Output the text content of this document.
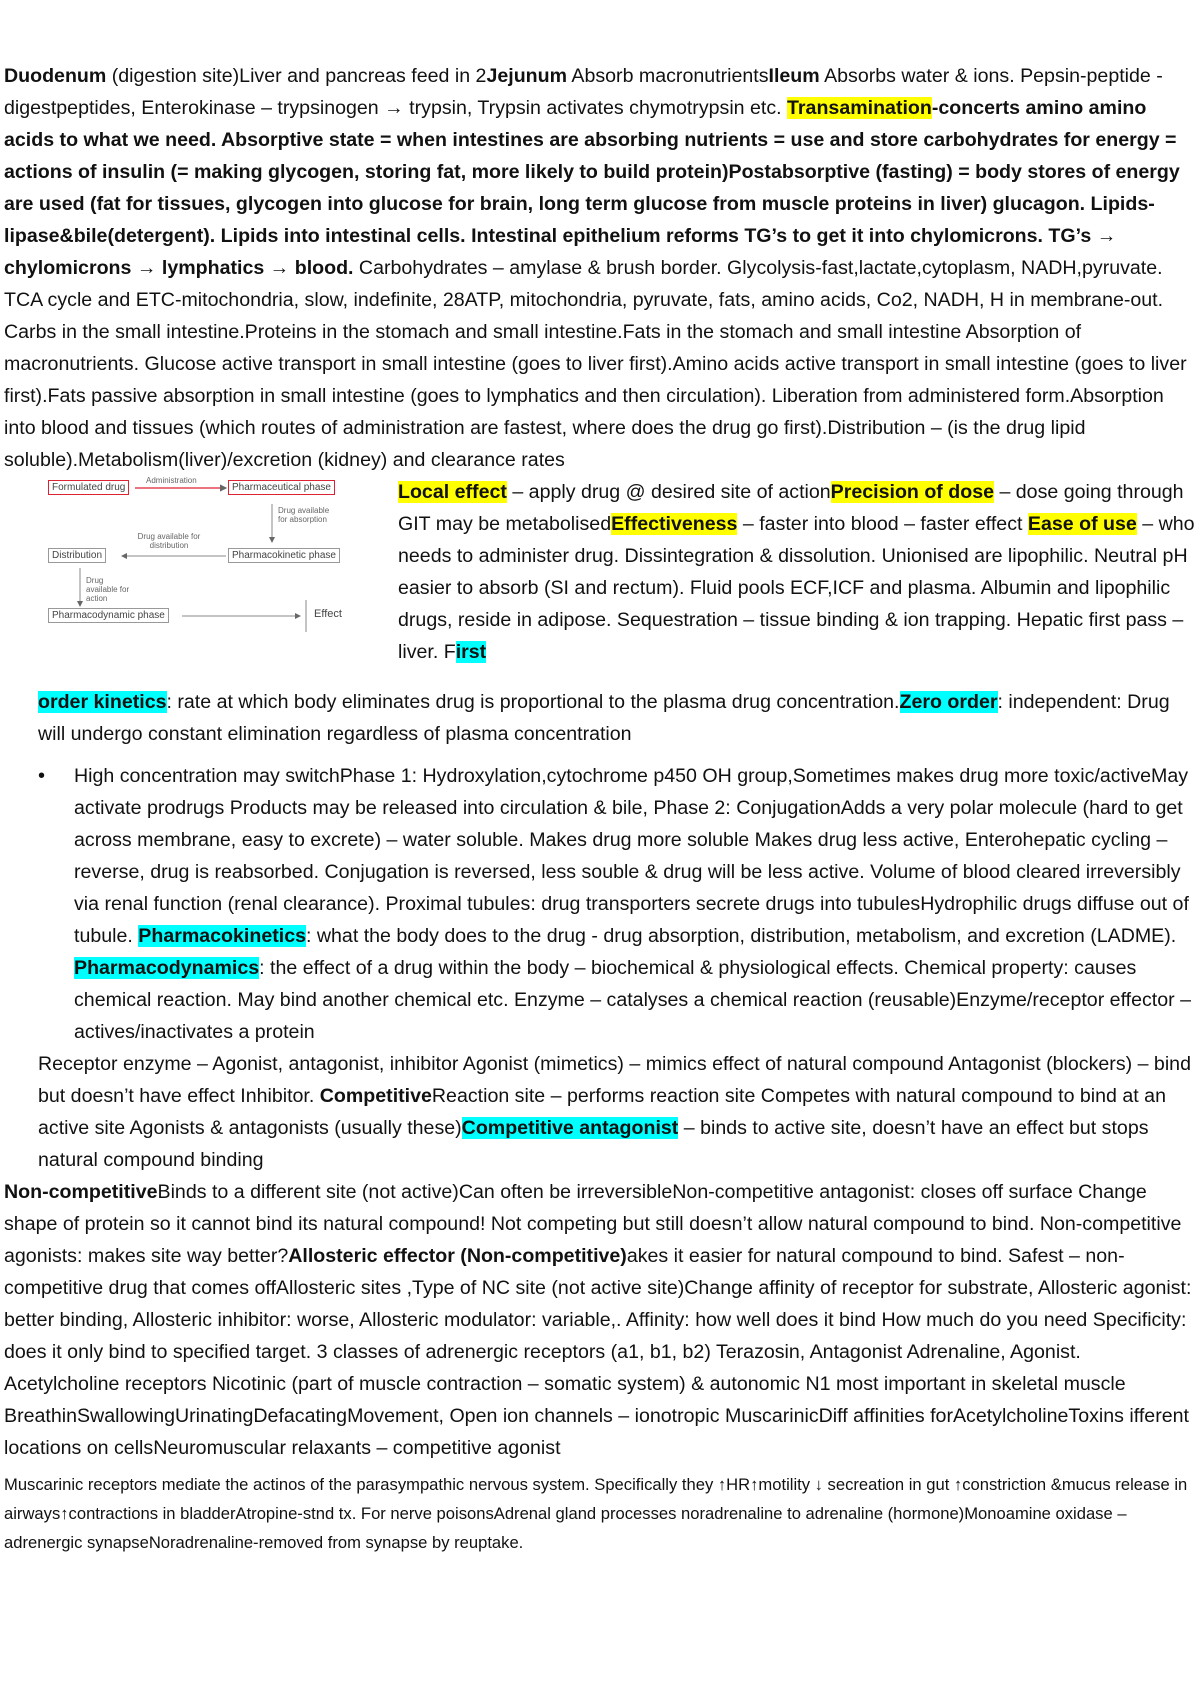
Duodenum (digestion site)Liver and pancreas feed in 2Jejunum Absorb macronutrientsIleum Absorbs water & ions. Pepsin-peptide -digestpeptides, Enterokinase – trypsinogen → trypsin, Trypsin activates chymotrypsin etc. Transamination-concerts amino amino acids to what we need. Absorptive state = when intestines are absorbing nutrients = use and store carbohydrates for energy = actions of insulin (= making glycogen, storing fat, more likely to build protein)Postabsorptive (fasting) = body stores of energy are used (fat for tissues, glycogen into glucose for brain, long term glucose from muscle proteins in liver) glucagon. Lipids-lipase&bile(detergent). Lipids into intestinal cells. Intestinal epithelium reforms TG’s to get it into chylomicrons. TG’s → chylomicrons → lymphatics → blood. Carbohydrates – amylase & brush border. Glycolysis-fast,lactate,cytoplasm, NADH,pyruvate. TCA cycle and ETC-mitochondria, slow, indefinite, 28ATP, mitochondria, pyruvate, fats, amino acids, Co2, NADH, H in membrane-out. Carbs in the small intestine.Proteins in the stomach and small intestine.Fats in the stomach and small intestine Absorption of macronutrients. Glucose active transport in small intestine (goes to liver first).Amino acids active transport in small intestine (goes to liver first).Fats passive absorption in small intestine (goes to lymphatics and then circulation). Liberation from administered form.Absorption into blood and tissues (which routes of administration are fastest, where does the drug go first).Distribution – (is the drug lipid soluble).Metabolism(liver)/excretion (kidney) and clearance rates

Formulated drug
Administration
Pharmaceutical phase
Drug available for absorption
Drug available for distribution
Distribution	Pharmacokinetic phase
Drug available for action
Pharmacodynamic phase	Effect

Local effect – apply drug @ desired site of actionPrecision of dose – dose going through GIT may be metabolisedEffectiveness – faster into blood – faster effect Ease of use – who needs to administer drug. Dissintegration & dissolution. Unionised are lipophilic. Neutral pH easier to absorb (SI and rectum). Fluid pools ECF,ICF and plasma. Albumin and lipophilic drugs, reside in adipose. Sequestration – tissue binding & ion trapping. Hepatic first pass – liver. First

order kinetics: rate at which body eliminates drug is proportional to the plasma drug concentration.Zero order: independent: Drug will undergo constant elimination regardless of plasma concentration

• High concentration may switchPhase 1: Hydroxylation,cytochrome p450 OH group,Sometimes makes drug more toxic/activeMay activate prodrugs Products may be released into circulation & bile, Phase 2: ConjugationAdds a very polar molecule (hard to get across membrane, easy to excrete) – water soluble. Makes drug more soluble Makes drug less active, Enterohepatic cycling – reverse, drug is reabsorbed. Conjugation is reversed, less souble & drug will be less active. Volume of blood cleared irreversibly via renal function (renal clearance). Proximal tubules: drug transporters secrete drugs into tubulesHydrophilic drugs diffuse out of tubule. Pharmacokinetics: what the body does to the drug - drug absorption, distribution, metabolism, and excretion (LADME). Pharmacodynamics: the effect of a drug within the body – biochemical & physiological effects. Chemical property: causes chemical reaction. May bind another chemical etc. Enzyme – catalyses a chemical reaction (reusable)Enzyme/receptor effector – actives/inactivates a protein

Receptor enzyme – Agonist, antagonist, inhibitor Agonist (mimetics) – mimics effect of natural compound Antagonist (blockers) – bind but doesn’t have effect Inhibitor. CompetitiveReaction site – performs reaction site Competes with natural compound to bind at an active site Agonists & antagonists (usually these)Competitive antagonist – binds to active site, doesn’t have an effect but stops natural compound binding

Non-competitiveBinds to a different site (not active)Can often be irreversibleNon-competitive antagonist: closes off surface Change shape of protein so it cannot bind its natural compound! Not competing but still doesn’t allow natural compound to bind. Non-competitive agonists: makes site way better?Allosteric effector (Non-competitive)akes it easier for natural compound to bind. Safest – non-competitive drug that comes offAllosteric sites ,Type of NC site (not active site)Change affinity of receptor for substrate, Allosteric agonist: better binding, Allosteric inhibitor: worse, Allosteric modulator: variable,. Affinity: how well does it bind How much do you need Specificity: does it only bind to specified target. 3 classes of adrenergic receptors (a1, b1, b2) Terazosin, Antagonist Adrenaline, Agonist. Acetylcholine receptors Nicotinic (part of muscle contraction – somatic system) & autonomic N1 most important in skeletal muscle BreathinSwallowingUrinatingDefacatingMovement, Open ion channels – ionotropic MuscarinicDiff affinities forAcetylcholineToxins ifferent locations on cellsNeuromuscular relaxants – competitive agonist

Muscarinic receptors mediate the actinos of the parasympathic nervous system. Specifically they ↑HR↑motility ↓ secreation in gut ↑constriction &mucus release in airways↑contractions in bladderAtropine-stnd tx. For nerve poisonsAdrenal gland processes noradrenaline to adrenaline (hormone)Monoamine oxidase – adrenergic synapseNoradrenaline-removed from synapse by reuptake.
